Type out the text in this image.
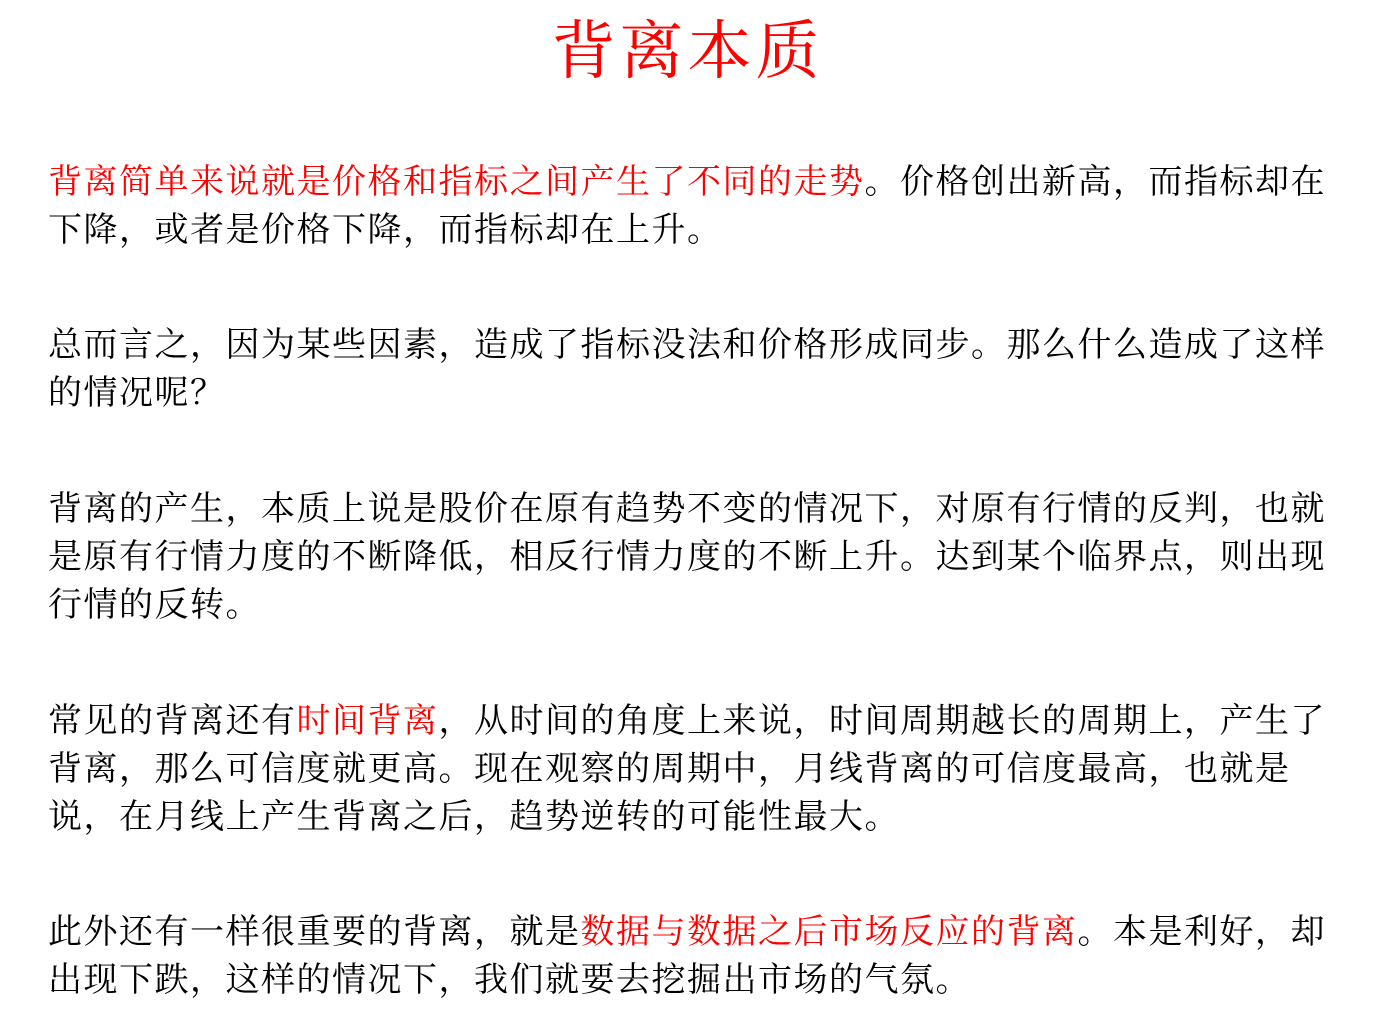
背离本质

背离简单来说就是价格和指标之间产生了不同的走势。价格创出新高，而指标却在下降，或者是价格下降，而指标却在上升。

总而言之，因为某些因素，造成了指标没法和价格形成同步。那么什么造成了这样的情况呢？

背离的产生，本质上说是股价在原有趋势不变的情况下，对原有行情的反判，也就是原有行情力度的不断降低，相反行情力度的不断上升。达到某个临界点，则出现行情的反转。

常见的背离还有时间背离，从时间的角度上来说，时间周期越长的周期上，产生了背离，那么可信度就更高。现在观察的周期中，月线背离的可信度最高，也就是说，在月线上产生背离之后，趋势逆转的可能性最大。

此外还有一样很重要的背离，就是数据与数据之后市场反应的背离。本是利好，却出现下跌，这样的情况下，我们就要去挖掘出市场的气氛。
